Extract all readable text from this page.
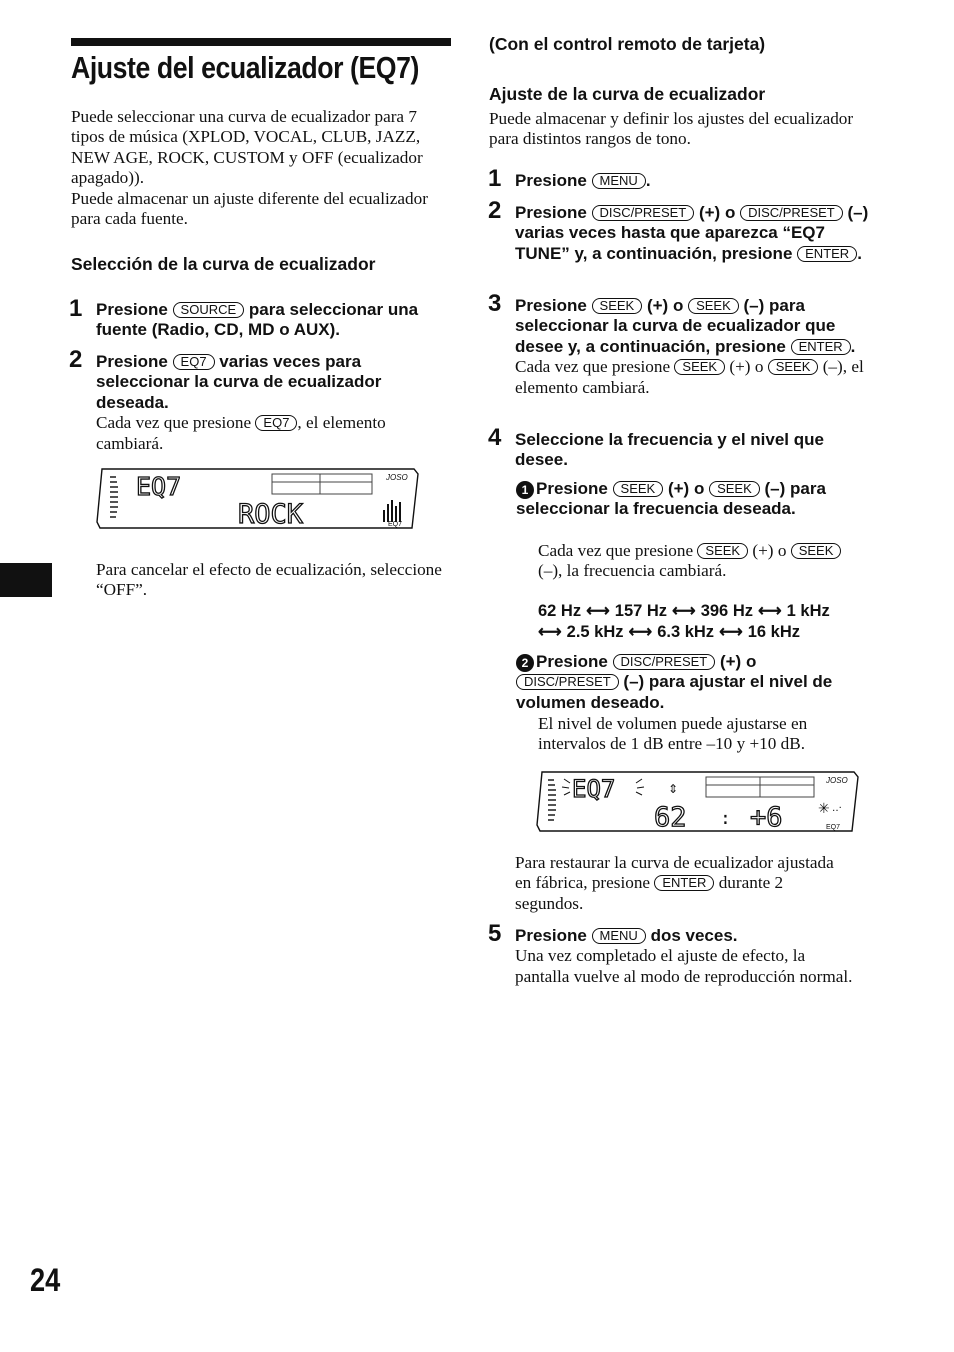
Ajuste del ecualizador (EQ7)
Puede seleccionar una curva de ecualizador para 7 tipos de música (XPLOD, VOCAL, CLUB, JAZZ, NEW AGE, ROCK, CUSTOM y OFF (ecualizador apagado)).
Puede almacenar un ajuste diferente del ecualizador para cada fuente.
Selección de la curva de ecualizador
1 Presione SOURCE para seleccionar una fuente (Radio, CD, MD o AUX).
2 Presione EQ7 varias veces para seleccionar la curva de ecualizador deseada.
Cada vez que presione EQ7 , el elemento cambiará.
EQ7	JOSO
ROCK	EQ7
Para cancelar el efecto de ecualización, seleccione “OFF”.
24
(Con el control remoto de tarjeta)
Ajuste de la curva de ecualizador
Puede almacenar y definir los ajustes del ecualizador para distintos rangos de tono.
1 Presione MENU .
2 Presione DISC/PRESET (+) o DISC/PRESET (–) varias veces hasta que aparezca “EQ7 TUNE” y, a continuación, presione ENTER .
3 Presione SEEK (+) o SEEK (–) para seleccionar la curva de ecualizador que desee y, a continuación, presione ENTER .
Cada vez que presione SEEK (+) o SEEK (–), el elemento cambiará.
4 Seleccione la frecuencia y el nivel que desee.
1 Presione SEEK (+) o SEEK (–) para seleccionar la frecuencia deseada.
Cada vez que presione SEEK (+) o SEEK (–), la frecuencia cambiará.
62 Hz ⟷ 157 Hz ⟷ 396 Hz ⟷ 1 kHz
⟷ 2.5 kHz ⟷ 6.3 kHz ⟷ 16 kHz
2 Presione DISC/PRESET (+) o DISC/PRESET (–) para ajustar el nivel de volumen deseado.
El nivel de volumen puede ajustarse en intervalos de 1 dB entre –10 y +10 dB.
EQ7	⇕
JOSO
62 : +6	✳ ‥·
EQ7
Para restaurar la curva de ecualizador ajustada en fábrica, presione ENTER durante 2 segundos.
5 Presione MENU dos veces.
Una vez completado el ajuste de efecto, la pantalla vuelve al modo de reproducción normal.
